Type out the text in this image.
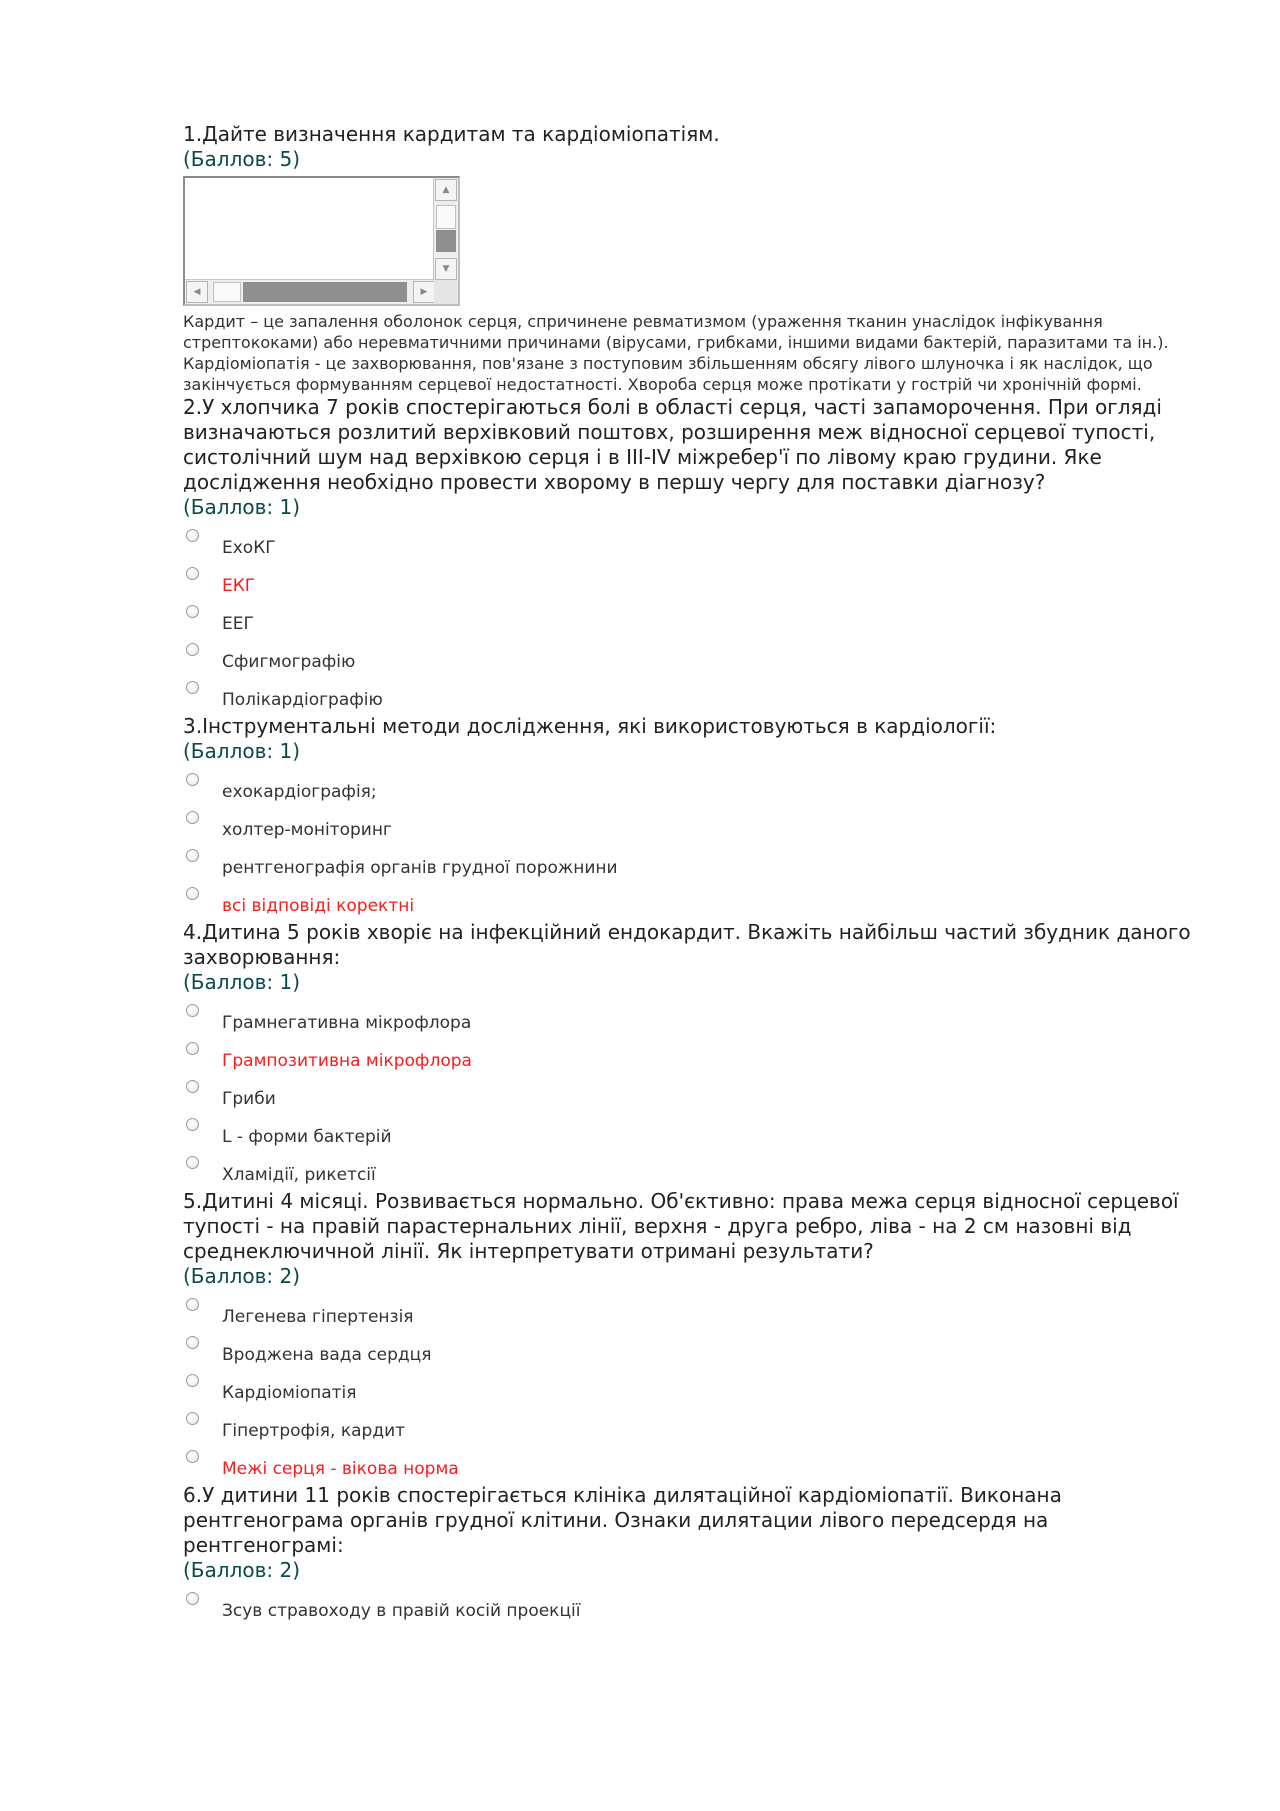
1.Дайте визначення кардитам та кардіоміопатіям.
(Баллов: 5)
▲
▼
◀	▶
Кардит – це запалення оболонок серця, спричинене ревматизмом (ураження тканин унаслідок інфікування стрептококами) або неревматичними причинами (вірусами, грибками, іншими видами бактерій, паразитами та ін.).
Кардіоміопатія - це захворювання, пов'язане з поступовим збільшенням обсягу лівого шлуночка і як наслідок, що закінчується формуванням серцевої недостатності. Хвороба серця може протікати у гострій чи хронічній формі.
2.У хлопчика 7 років спостерігаються болі в області серця, часті запаморочення. При огляді визначаються розлитий верхівковий поштовх, розширення меж відносної серцевої тупості, систолічний шум над верхівкою серця і в III-IV міжребер'ї по лівому краю грудини. Яке дослідження необхідно провести хворому в першу чергу для поставки діагнозу?
(Баллов: 1)
ЕхоКГ
ЕКГ
ЕЕГ
Сфигмографію
Полікардіографію
3.Інструментальні методи дослідження, які використовуються в кардіології:
(Баллов: 1)
ехокардіографія;
холтер-моніторинг
рентгенографія органів грудної порожнини
всі відповіді коректні
4.Дитина 5 років хворіє на інфекційний ендокардит. Вкажіть найбільш частий збудник даного захворювання:
(Баллов: 1)
Грамнегативна мікрофлора
Грампозитивна мікрофлора
Гриби
L - форми бактерій
Хламідії, рикетсії
5.Дитині 4 місяці. Розвивається нормально. Об'єктивно: права межа серця відносної серцевої тупості - на правій парастернальних лінії, верхня - друга ребро, ліва - на 2 см назовні від среднеключичной лінії. Як інтерпретувати отримані результати?
(Баллов: 2)
Легенева гіпертензія
Вроджена вада сердця
Кардіоміопатія
Гіпертрофія, кардит
Межі серця - вікова норма
6.У дитини 11 років спостерігається клініка дилятаційної кардіоміопатії. Виконана рентгенограма органів грудної клітини. Ознаки дилятации лівого передсердя на рентгенограмі:
(Баллов: 2)
Зсув стравоходу в правій косій проекції
